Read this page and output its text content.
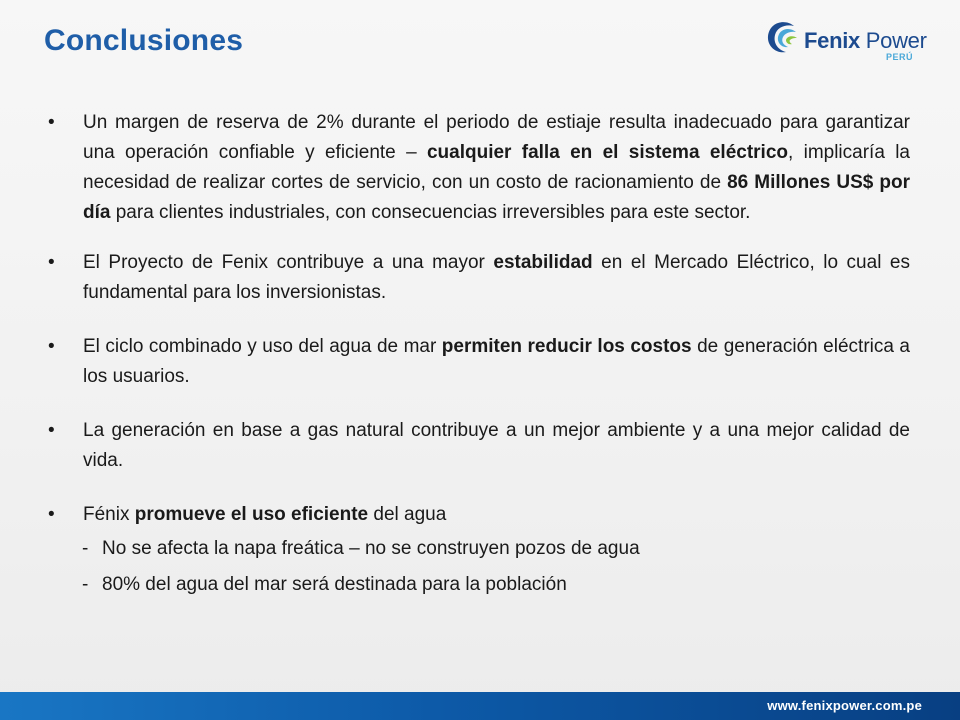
Conclusiones	Fenix Power
PERÚ

•	Un margen de reserva de 2% durante el periodo de estiaje resulta inadecuado para garantizar una operación confiable y eficiente – cualquier falla en el sistema eléctrico, implicaría la necesidad de realizar cortes de servicio, con un costo de racionamiento de 86 Millones US$ por día para clientes industriales, con consecuencias irreversibles para este sector.

•	El Proyecto de Fenix contribuye a una mayor estabilidad en el Mercado Eléctrico, lo cual es fundamental para los inversionistas.

•	El ciclo combinado y uso del agua de mar permiten reducir los costos de generación eléctrica a los usuarios.

•	La generación en base a gas natural contribuye a un mejor ambiente y a una mejor calidad de vida.

•	Fénix promueve el uso eficiente del agua

- No se afecta la napa freática – no se construyen pozos de agua

- 80% del agua del mar será destinada para la población

www.fenixpower.com.pe
